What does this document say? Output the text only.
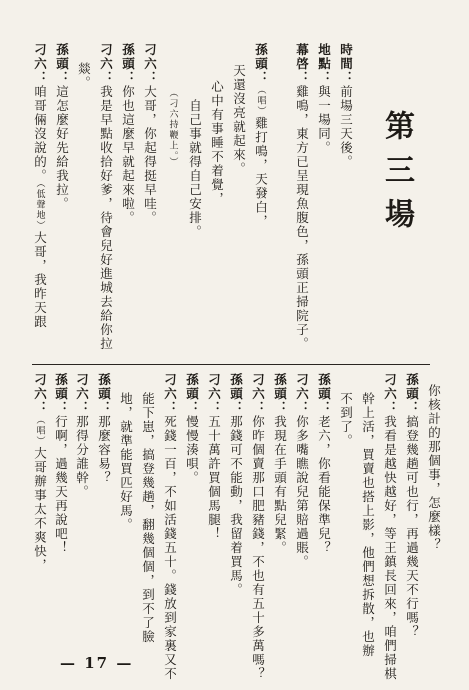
第三場
時間：前場三天後。
地點：與一場同。
幕啓：雞鳴，東方已呈現魚腹色，孫頭正掃院子。
孫頭：（唱）雞打鳴，天發白，
天還沒亮就起來。
心中有事睡不着覺，
自己事就得自己安排。
（刁六持鞭上。）
刁六：大哥，你起得挺早哇。
孫頭：你也這麼早就起來啦。
刁六：我是早點收拾好爹，待會兒好進城去給你拉
燚。
孫頭：這怎麼好先給我拉。
刁六：咱哥倆沒說的。（低聲地）大哥，我昨天跟
你核計的那個事，怎麼樣？
孫頭：搞登幾趟可也行，再過幾天不行嗎？
刁六：我看是越快越好，等王鎮長回來，咱們掃棋
幹上活，買賣也搭上影，他們想拆散，也辦
不到了。
孫頭：老六，你看能保準兒？
刁六：你多嘴瞧說兒第賠過賬。
孫頭：我現在手頭有點兒緊。
刁六：你昨個賣那口肥豬錢，不也有五十多萬嗎？
孫頭：那錢可不能動，我留着買馬。
刁六：五十萬許買個馬腿！
孫頭：慢慢湊唄。
刁六：死錢一百，不如活錢五十。錢放到家裏又不
能下崽，搞登幾趟，翻幾個個，到不了臉
地，就準能買匹好馬。
孫頭：那麼容易？
刁六：那得分誰幹。
孫頭：行啊，過幾天再說吧！
刁六：（唱）大哥辦事太不爽快，
— 17 —
